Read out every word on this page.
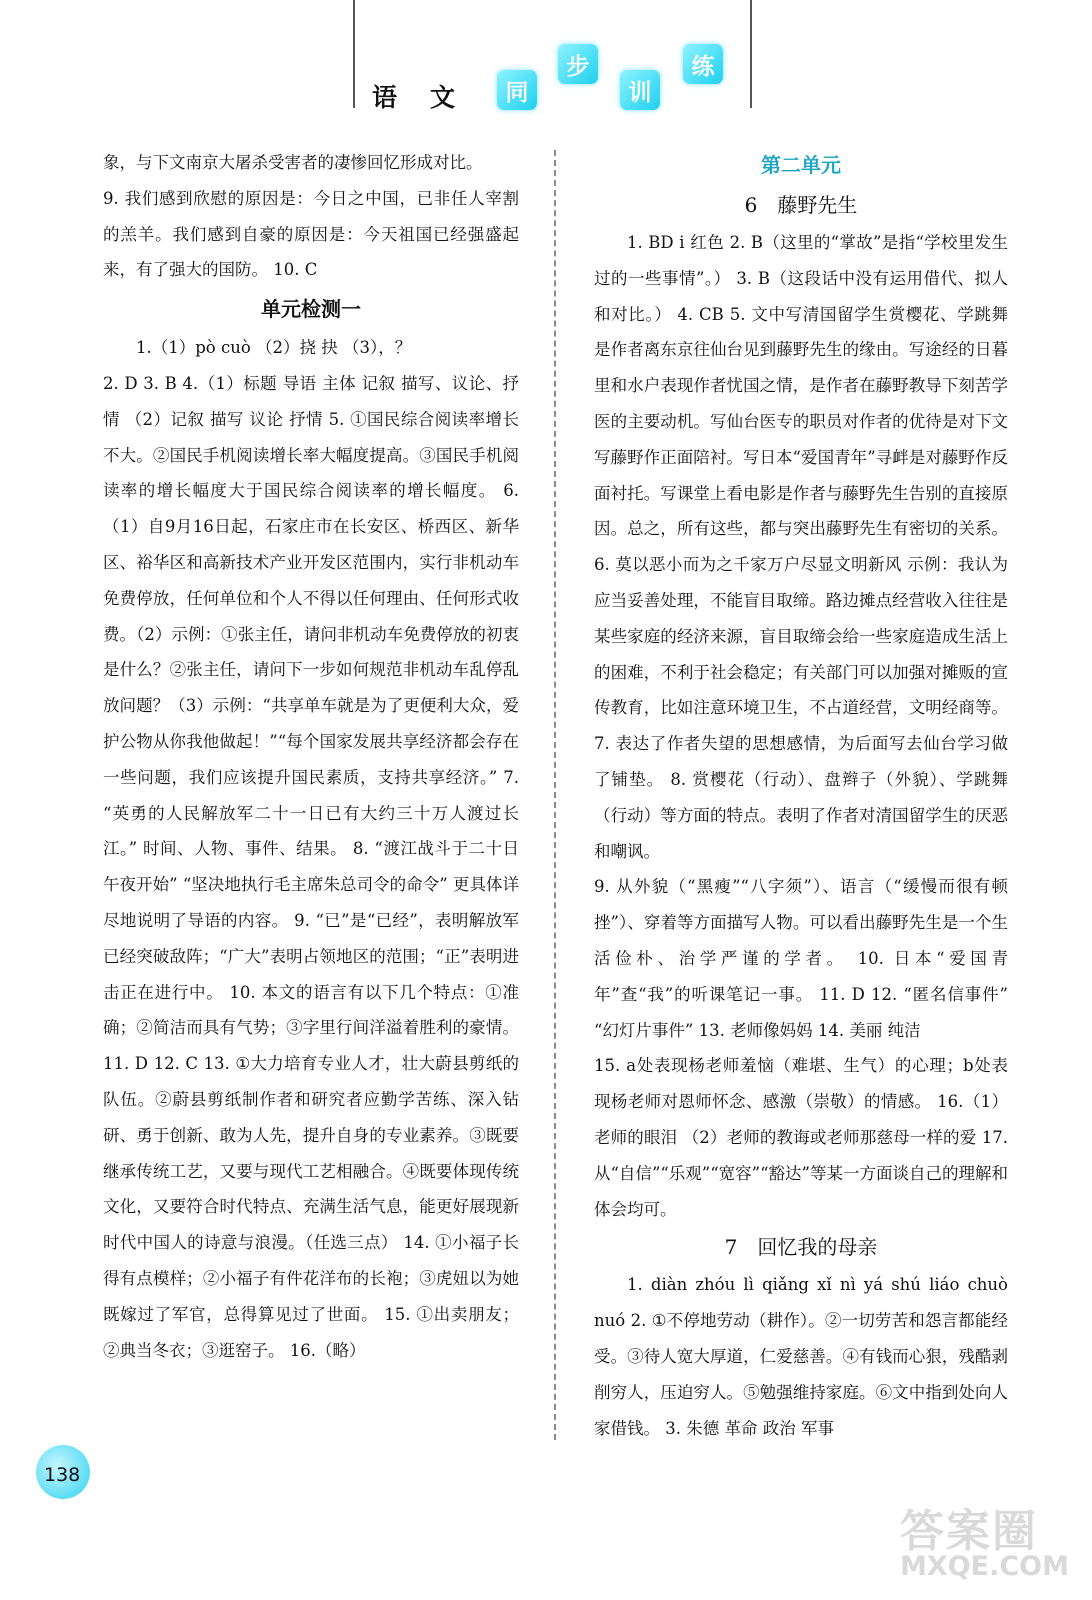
语 文	同
步
训
练

象，与下文南京大屠杀受害者的凄惨回忆形成对比。

9. 我们感到欣慰的原因是：今日之中国，已非任人宰割的羔羊。我们感到自豪的原因是：今天祖国已经强盛起来，有了强大的国防。 10. C

单元检测一

1.（1）pò cuò （2）挠 抉 （3），？

2. D 3. B 4.（1）标题 导语 主体 记叙 描写、议论、抒情 （2）记叙 描写 议论 抒情 5. ①国民综合阅读率增长不大。②国民手机阅读增长率大幅度提高。③国民手机阅读率的增长幅度大于国民综合阅读率的增长幅度。 6.（1）自9月16日起，石家庄市在长安区、桥西区、新华区、裕华区和高新技术产业开发区范围内，实行非机动车免费停放，任何单位和个人不得以任何理由、任何形式收费。（2）示例：①张主任，请问非机动车免费停放的初衷是什么？②张主任，请问下一步如何规范非机动车乱停乱放问题？（3）示例：“共享单车就是为了更便利大众，爱护公物从你我他做起！”“每个国家发展共享经济都会存在一些问题，我们应该提升国民素质，支持共享经济。” 7. “英勇的人民解放军二十一日已有大约三十万人渡过长江。” 时间、人物、事件、结果。 8. “渡江战斗于二十日午夜开始” “坚决地执行毛主席朱总司令的命令” 更具体详尽地说明了导语的内容。 9. “已”是“已经”，表明解放军已经突破敌阵；“广大”表明占领地区的范围；“正”表明进击正在进行中。 10. 本文的语言有以下几个特点：①准确；②简洁而具有气势；③字里行间洋溢着胜利的豪情。 11. D 12. C 13. ①大力培育专业人才，壮大蔚县剪纸的队伍。②蔚县剪纸制作者和研究者应勤学苦练、深入钻研、勇于创新、敢为人先，提升自身的专业素养。③既要继承传统工艺，又要与现代工艺相融合。④既要体现传统文化，又要符合时代特点、充满生活气息，能更好展现新时代中国人的诗意与浪漫。（任选三点） 14. ①小福子长得有点模样；②小福子有件花洋布的长袍；③虎妞以为她既嫁过了军官，总得算见过了世面。 15. ①出卖朋友；②典当冬衣；③逛窑子。 16.（略）

第二单元
6　藤野先生

1. BD ⅰ 红色 2. B（这里的“掌故”是指“学校里发生过的一些事情”。） 3. B（这段话中没有运用借代、拟人和对比。） 4. CB 5. 文中写清国留学生赏樱花、学跳舞是作者离东京往仙台见到藤野先生的缘由。写途经的日暮里和水户表现作者忧国之情，是作者在藤野教导下刻苦学医的主要动机。写仙台医专的职员对作者的优待是对下文写藤野作正面陪衬。写日本“爱国青年”寻衅是对藤野作反面衬托。写课堂上看电影是作者与藤野先生告别的直接原因。总之，所有这些，都与突出藤野先生有密切的关系。 6. 莫以恶小而为之千家万户尽显文明新风 示例：我认为应当妥善处理，不能盲目取缔。路边摊点经营收入往往是某些家庭的经济来源，盲目取缔会给一些家庭造成生活上的困难，不利于社会稳定；有关部门可以加强对摊贩的宣传教育，比如注意环境卫生，不占道经营，文明经商等。 7. 表达了作者失望的思想感情，为后面写去仙台学习做了铺垫。 8. 赏樱花（行动）、盘辫子（外貌）、学跳舞（行动）等方面的特点。表明了作者对清国留学生的厌恶和嘲讽。

9. 从外貌（“黑瘦”“八字须”）、语言（“缓慢而很有顿挫”）、穿着等方面描写人物。可以看出藤野先生是一个生活俭朴、治学严谨的学者。 10. 日本“爱国青年”查“我”的听课笔记一事。 11. D 12. “匿名信事件” “幻灯片事件” 13. 老师像妈妈 14. 美丽 纯洁

15. a处表现杨老师羞恼（难堪、生气）的心理；b处表现杨老师对恩师怀念、感激（崇敬）的情感。 16.（1）老师的眼泪 （2）老师的教诲或老师那慈母一样的爱 17. 从“自信”“乐观”“宽容”“豁达”等某一方面谈自己的理解和体会均可。

7　回忆我的母亲

1. diàn zhóu lì qiǎng xǐ nì yá shú liáo chuò nuó 2. ①不停地劳动（耕作）。②一切劳苦和怨言都能经受。③待人宽大厚道，仁爱慈善。④有钱而心狠，残酷剥削穷人，压迫穷人。⑤勉强维持家庭。⑥文中指到处向人家借钱。 3. 朱德 革命 政治 军事

138
答案圈
MXQE.COM
